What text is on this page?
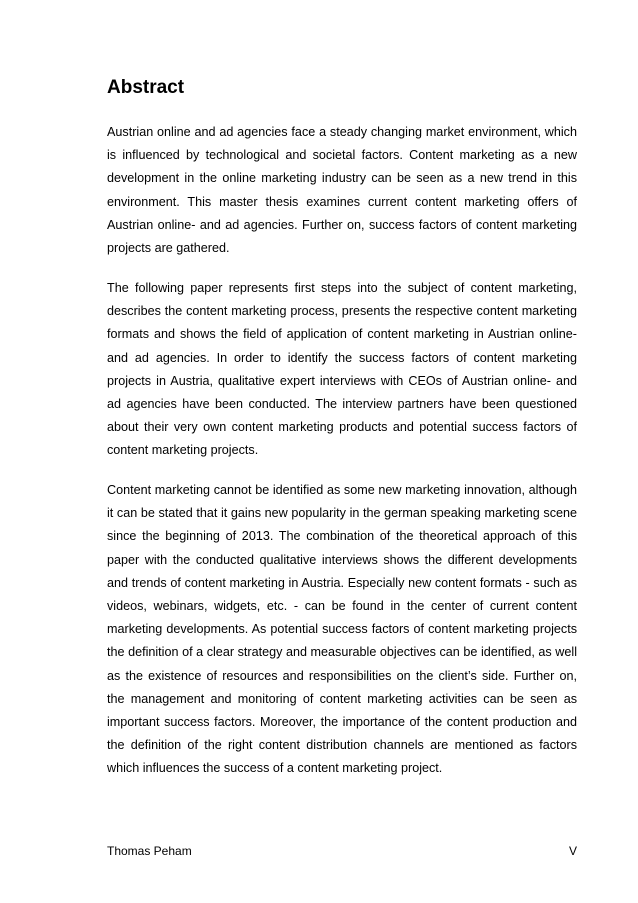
Abstract

Austrian online and ad agencies face a steady changing market environment, which is influenced by technological and societal factors. Content marketing as a new development in the online marketing industry can be seen as a new trend in this environment. This master thesis examines current content marketing offers of Austrian online- and ad agencies. Further on, success factors of content marketing projects are gathered.

The following paper represents first steps into the subject of content marketing, describes the content marketing process, presents the respective content marketing formats and shows the field of application of content marketing in Austrian online- and ad agencies. In order to identify the success factors of content marketing projects in Austria, qualitative expert interviews with CEOs of Austrian online- and ad agencies have been conducted. The interview partners have been questioned about their very own content marketing products and potential success factors of content marketing projects.

Content marketing cannot be identified as some new marketing innovation, although it can be stated that it gains new popularity in the german speaking marketing scene since the beginning of 2013. The combination of the theoretical approach of this paper with the conducted qualitative interviews shows the different developments and trends of content marketing in Austria. Especially new content formats - such as videos, webinars, widgets, etc. - can be found in the center of current content marketing developments. As potential success factors of content marketing projects the definition of a clear strategy and measurable objectives can be identified, as well as the existence of resources and responsibilities on the client’s side. Further on, the management and monitoring of content marketing activities can be seen as important success factors. Moreover, the importance of the content production and the definition of the right content distribution channels are mentioned as factors which influences the success of a content marketing project.

Thomas Peham	V
